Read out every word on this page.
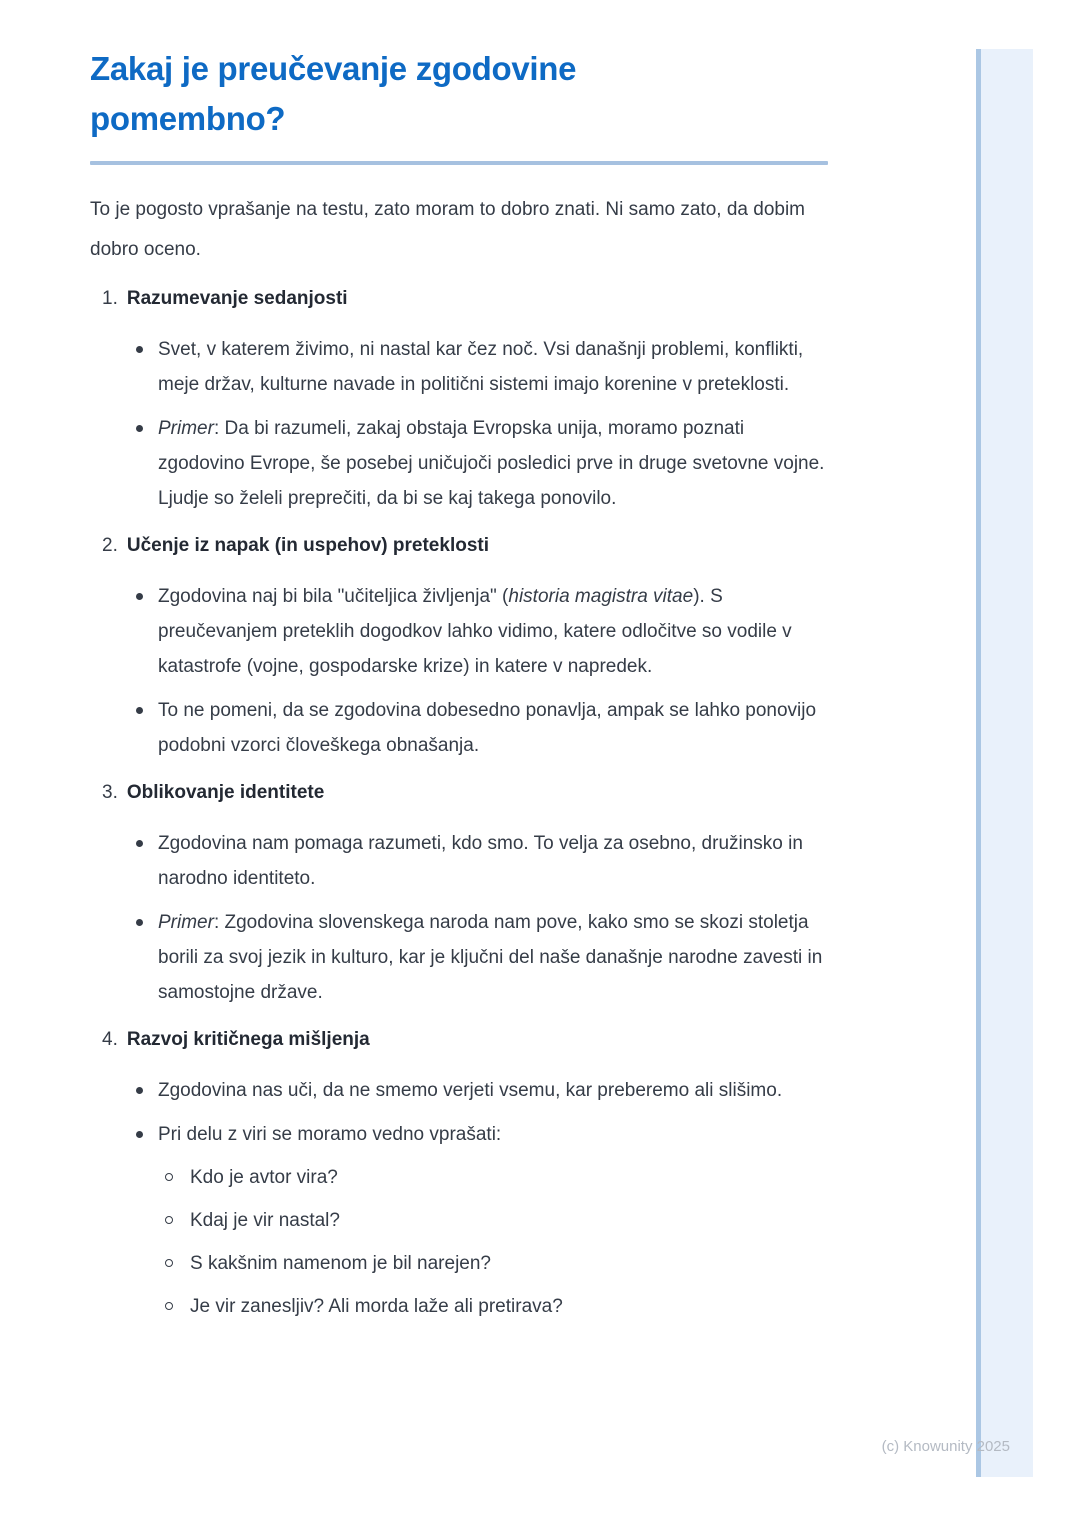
Zakaj je preučevanje zgodovine pomembno?

To je pogosto vprašanje na testu, zato moram to dobro znati. Ni samo zato, da dobim dobro oceno.

1. Razumevanje sedanjosti
Svet, v katerem živimo, ni nastal kar čez noč. Vsi današnji problemi, konflikti, meje držav, kulturne navade in politični sistemi imajo korenine v preteklosti.
Primer: Da bi razumeli, zakaj obstaja Evropska unija, moramo poznati zgodovino Evrope, še posebej uničujoči posledici prve in druge svetovne vojne. Ljudje so želeli preprečiti, da bi se kaj takega ponovilo.
2. Učenje iz napak (in uspehov) preteklosti
Zgodovina naj bi bila "učiteljica življenja" (historia magistra vitae). S preučevanjem preteklih dogodkov lahko vidimo, katere odločitve so vodile v katastrofe (vojne, gospodarske krize) in katere v napredek.
To ne pomeni, da se zgodovina dobesedno ponavlja, ampak se lahko ponovijo podobni vzorci človeškega obnašanja.
3. Oblikovanje identitete
Zgodovina nam pomaga razumeti, kdo smo. To velja za osebno, družinsko in narodno identiteto.
Primer: Zgodovina slovenskega naroda nam pove, kako smo se skozi stoletja borili za svoj jezik in kulturo, kar je ključni del naše današnje narodne zavesti in samostojne države.
4. Razvoj kritičnega mišljenja
Zgodovina nas uči, da ne smemo verjeti vsemu, kar preberemo ali slišimo.
Pri delu z viri se moramo vedno vprašati:
Kdo je avtor vira?
Kdaj je vir nastal?
S kakšnim namenom je bil narejen?
Je vir zanesljiv? Ali morda laže ali pretirava?
(c) Knowunity 2025
